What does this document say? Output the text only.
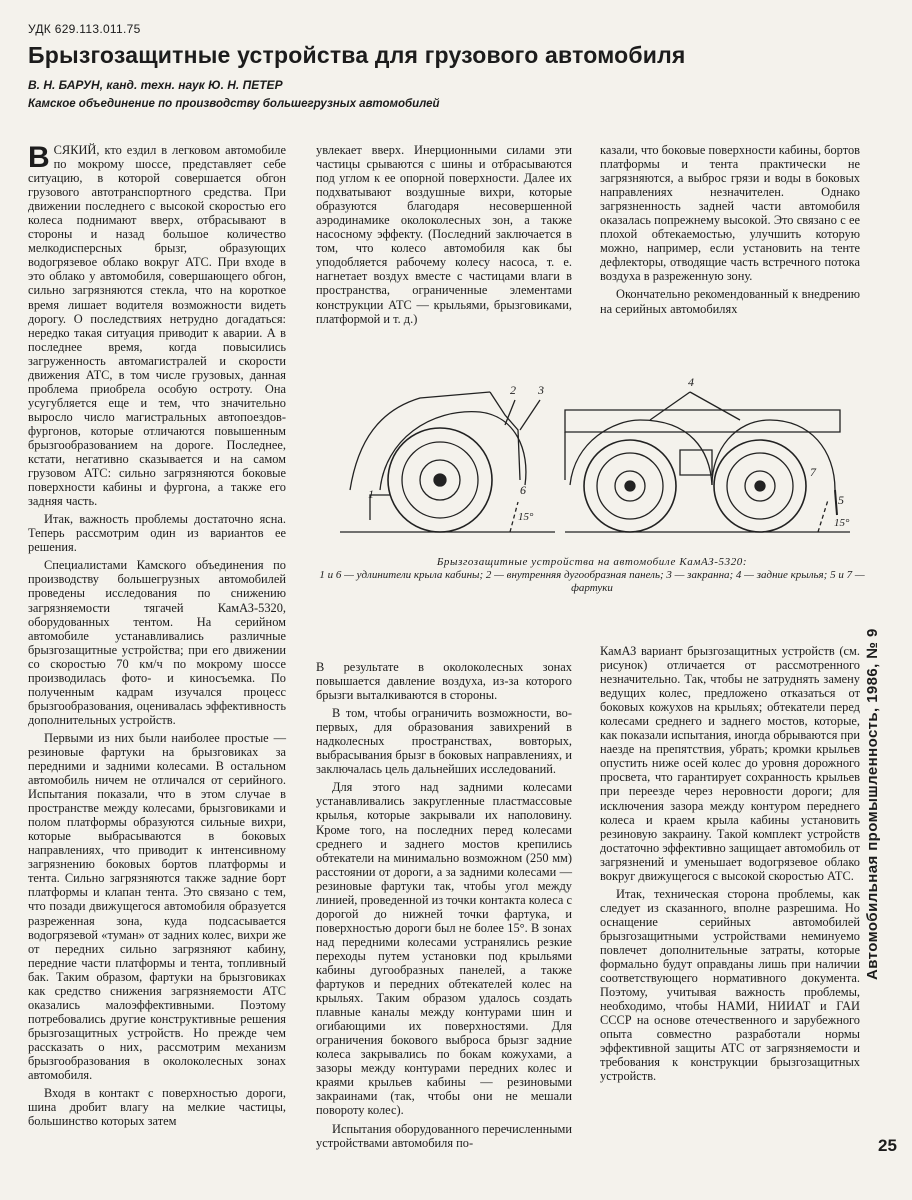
УДК 629.113.011.75
Брызгозащитные устройства для грузового автомобиля
В. Н. БАРУН, канд. техн. наук Ю. Н. ПЕТЕР
Камское объединение по производству большегрузных автомобилей

ВСЯКИЙ, кто ездил в легковом автомобиле по мокрому шоссе, представляет себе ситуацию, в которой совершается обгон грузового автотранспортного средства. При движении последнего с высокой скоростью его колеса поднимают вверх, отбрасывают в стороны и назад большое количество мелкодисперсных брызг, образующих водогрязевое облако вокруг АТС. При входе в это облако у автомобиля, совершающего обгон, сильно загрязняются стекла, что на короткое время лишает водителя возможности видеть дорогу. О последствиях нетрудно догадаться: нередко такая ситуация приводит к аварии. А в последнее время, когда повысились загруженность автомагистралей и скорости движения АТС, в том числе грузовых, данная проблема приобрела особую остроту. Она усугубляется еще и тем, что значительно выросло число магистральных автопоездов-фургонов, которые отличаются повышенным брызгообразованием на дороге. Последнее, кстати, негативно сказывается и на самом грузовом АТС: сильно загрязняются боковые поверхности кабины и фургона, а также его задняя часть.

Итак, важность проблемы достаточно ясна. Теперь рассмотрим один из вариантов ее решения.

Специалистами Камского объединения по производству большегрузных автомобилей проведены исследования по снижению загрязняемости тягачей КамАЗ-5320, оборудованных тентом. На серийном автомобиле устанавливались различные брызгозащитные устройства; при его движении со скоростью 70 км/ч по мокрому шоссе производилась фото- и киносъемка. По полученным кадрам изучался процесс брызгообразования, оценивалась эффективность дополнительных устройств.

Первыми из них были наиболее простые — резиновые фартуки на брызговиках за передними и задними колесами. В остальном автомобиль ничем не отличался от серийного. Испытания показали, что в этом случае в пространстве между колесами, брызговиками и полом платформы образуются сильные вихри, которые выбрасываются в боковых направлениях, что приводит к интенсивному загрязнению боковых бортов платформы и тента. Сильно загрязняются также задние борт платформы и клапан тента. Это связано с тем, что позади движущегося автомобиля образуется разреженная зона, куда подсасывается водогрязевой «туман» от задних колес, вихри же от передних сильно загрязняют кабину, передние части платформы и тента, топливный бак. Таким образом, фартуки на брызговиках как средство снижения загрязняемости АТС оказались малоэффективными. Поэтому потребовались другие конструктивные решения брызгозащитных устройств. Но прежде чем рассказать о них, рассмотрим механизм брызгообразования в околоколесных зонах автомобиля.

Входя в контакт с поверхностью дороги, шина дробит влагу на мелкие частицы, большинство которых затем

увлекает вверх. Инерционными силами эти частицы срываются с шины и отбрасываются под углом к ее опорной поверхности. Далее их подхватывают воздушные вихри, которые образуются благодаря несовершенной аэродинамике околоколесных зон, а также насосному эффекту. (Последний заключается в том, что колесо автомобиля как бы уподобляется рабочему колесу насоса, т. е. нагнетает воздух вместе с частицами влаги в пространства, ограниченные элементами конструкции АТС — крыльями, брызговиками, платформой и т. д.)

казали, что боковые поверхности кабины, бортов платформы и тента практически не загрязняются, а выброс грязи и воды в боковых направлениях незначителен. Однако загрязненность задней части автомобиля оказалась попрежнему высокой. Это связано с ее плохой обтекаемостью, улучшить которую можно, например, если установить на тенте дефлекторы, отводящие часть встречного потока воздуха в разреженную зону.

Окончательно рекомендованный к внедрению на серийных автомобилях

1
2 3
4
5
6
7
15°	15°
Брызгозащитные устройства на автомобиле КамАЗ-5320:
1 и 6 — удлинители крыла кабины; 2 — внутренняя дугообразная панель; 3 — закранна; 4 — задние крылья; 5 и 7 — фартуки

В результате в околоколесных зонах повышается давление воздуха, из-за которого брызги выталкиваются в стороны.

В том, чтобы ограничить возможности, во-первых, для образования завихрений в надколесных пространствах, вовторых, выбрасывания брызг в боковых направлениях, и заключалась цель дальнейших исследований.

Для этого над задними колесами устанавливались закругленные пластмассовые крылья, которые закрывали их наполовину. Кроме того, на последних перед колесами среднего и заднего мостов крепились обтекатели на минимально возможном (250 мм) расстоянии от дороги, а за задними колесами — резиновые фартуки так, чтобы угол между линией, проведенной из точки контакта колеса с дорогой до нижней точки фартука, и поверхностью дороги был не более 15°. В зонах над передними колесами устранялись резкие переходы путем установки под крыльями кабины дугообразных панелей, а также фартуков и передних обтекателей колес на крыльях. Таким образом удалось создать плавные каналы между контурами шин и огибающими их поверхностями. Для ограничения бокового выброса брызг задние колеса закрывались по бокам кожухами, а зазоры между контурами передних колес и краями крыльев кабины — резиновыми закраинами (так, чтобы они не мешали повороту колес).

Испытания оборудованного перечисленными устройствами автомобиля по-

КамАЗ вариант брызгозащитных устройств (см. рисунок) отличается от рассмотренного незначительно. Так, чтобы не затруднять замену ведущих колес, предложено отказаться от боковых кожухов на крыльях; обтекатели перед колесами среднего и заднего мостов, которые, как показали испытания, иногда обрываются при наезде на препятствия, убрать; кромки крыльев опустить ниже осей колес до уровня дорожного просвета, что гарантирует сохранность крыльев при переезде через неровности дороги; для исключения зазора между контуром переднего колеса и краем крыла кабины установить резиновую закраину. Такой комплект устройств достаточно эффективно защищает автомобиль от загрязнений и уменьшает водогрязевое облако вокруг движущегося с высокой скоростью АТС.

Итак, техническая сторона проблемы, как следует из сказанного, вполне разрешима. Но оснащение серийных автомобилей брызгозащитными устройствами неминуемо повлечет дополнительные затраты, которые формально будут оправданы лишь при наличии соответствующего нормативного документа. Поэтому, учитывая важность проблемы, необходимо, чтобы НАМИ, НИИАТ и ГАИ СССР на основе отечественного и зарубежного опыта совместно разработали нормы эффективной защиты АТС от загрязняемости и требования к конструкции брызгозащитных устройств.

Автомобильная промышленность, 1986, № 9
25
